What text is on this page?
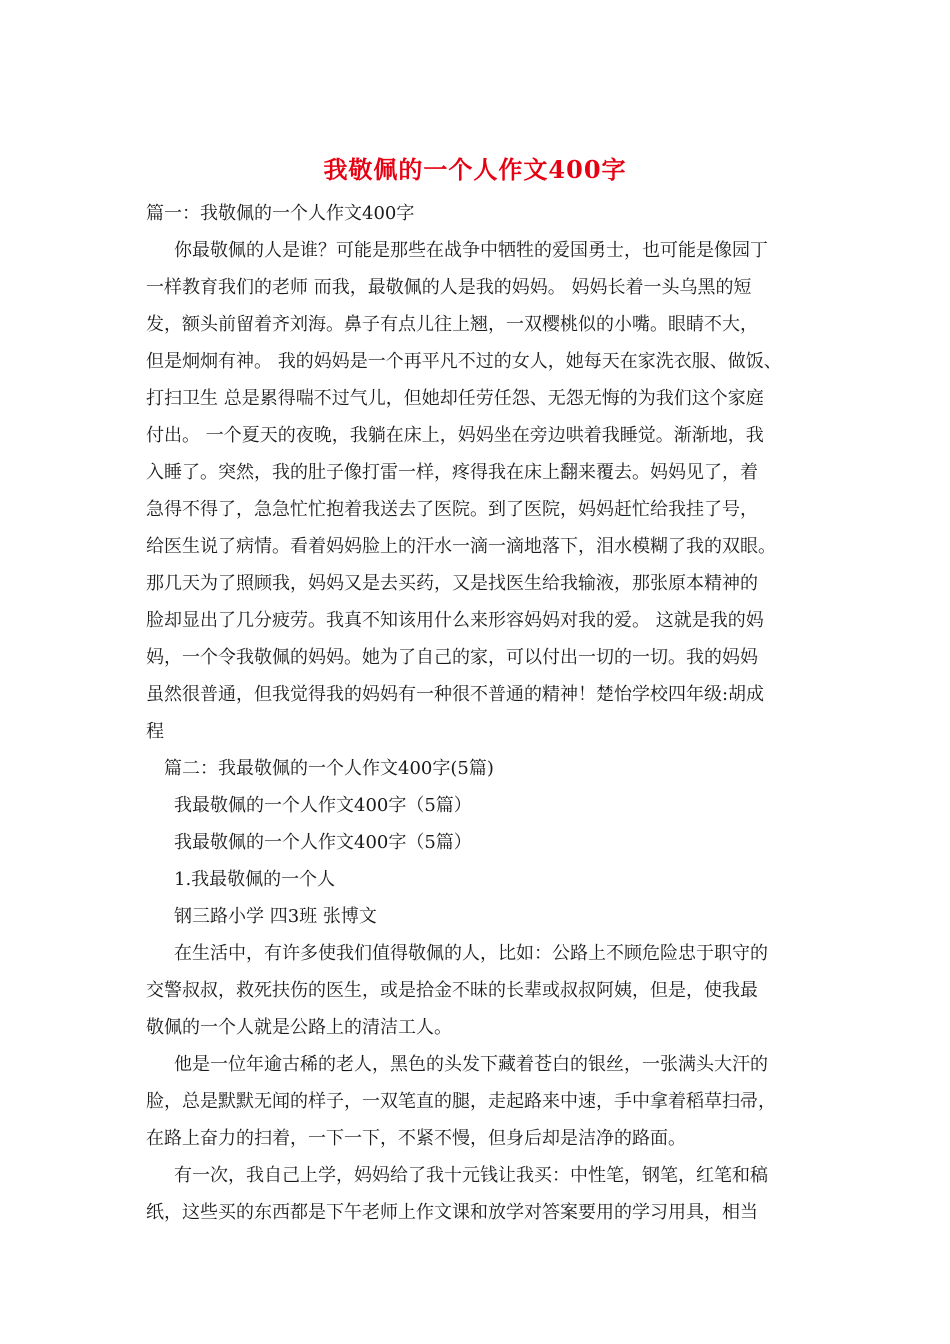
我敬佩的一个人作文400字
篇一：我敬佩的一个人作文400字
你最敬佩的人是谁？可能是那些在战争中牺牲的爱国勇士，也可能是像园丁
一样教育我们的老师 而我，最敬佩的人是我的妈妈。 妈妈长着一头乌黑的短
发，额头前留着齐刘海。鼻子有点儿往上翘，一双樱桃似的小嘴。眼睛不大，
但是炯炯有神。 我的妈妈是一个再平凡不过的女人，她每天在家洗衣服、做饭、
打扫卫生 总是累得喘不过气儿，但她却任劳任怨、无怨无悔的为我们这个家庭
付出。 一个夏天的夜晚，我躺在床上，妈妈坐在旁边哄着我睡觉。渐渐地，我
入睡了。突然，我的肚子像打雷一样，疼得我在床上翻来覆去。妈妈见了，着
急得不得了，急急忙忙抱着我送去了医院。到了医院，妈妈赶忙给我挂了号，
给医生说了病情。看着妈妈脸上的汗水一滴一滴地落下，泪水模糊了我的双眼。
那几天为了照顾我，妈妈又是去买药，又是找医生给我输液，那张原本精神的
脸却显出了几分疲劳。我真不知该用什么来形容妈妈对我的爱。 这就是我的妈
妈，一个令我敬佩的妈妈。她为了自己的家，可以付出一切的一切。我的妈妈
虽然很普通，但我觉得我的妈妈有一种很不普通的精神！楚怡学校四年级:胡成
程
篇二：我最敬佩的一个人作文400字(5篇)
我最敬佩的一个人作文400字（5篇）
我最敬佩的一个人作文400字（5篇）
1.我最敬佩的一个人
钢三路小学 四3班 张博文
在生活中，有许多使我们值得敬佩的人，比如：公路上不顾危险忠于职守的
交警叔叔，救死扶伤的医生，或是拾金不昧的长辈或叔叔阿姨，但是，使我最
敬佩的一个人就是公路上的清洁工人。
他是一位年逾古稀的老人，黑色的头发下藏着苍白的银丝，一张满头大汗的
脸，总是默默无闻的样子，一双笔直的腿，走起路来中速，手中拿着稻草扫帚，
在路上奋力的扫着，一下一下，不紧不慢，但身后却是洁净的路面。
有一次，我自己上学，妈妈给了我十元钱让我买：中性笔，钢笔，红笔和稿
纸，这些买的东西都是下午老师上作文课和放学对答案要用的学习用具，相当
